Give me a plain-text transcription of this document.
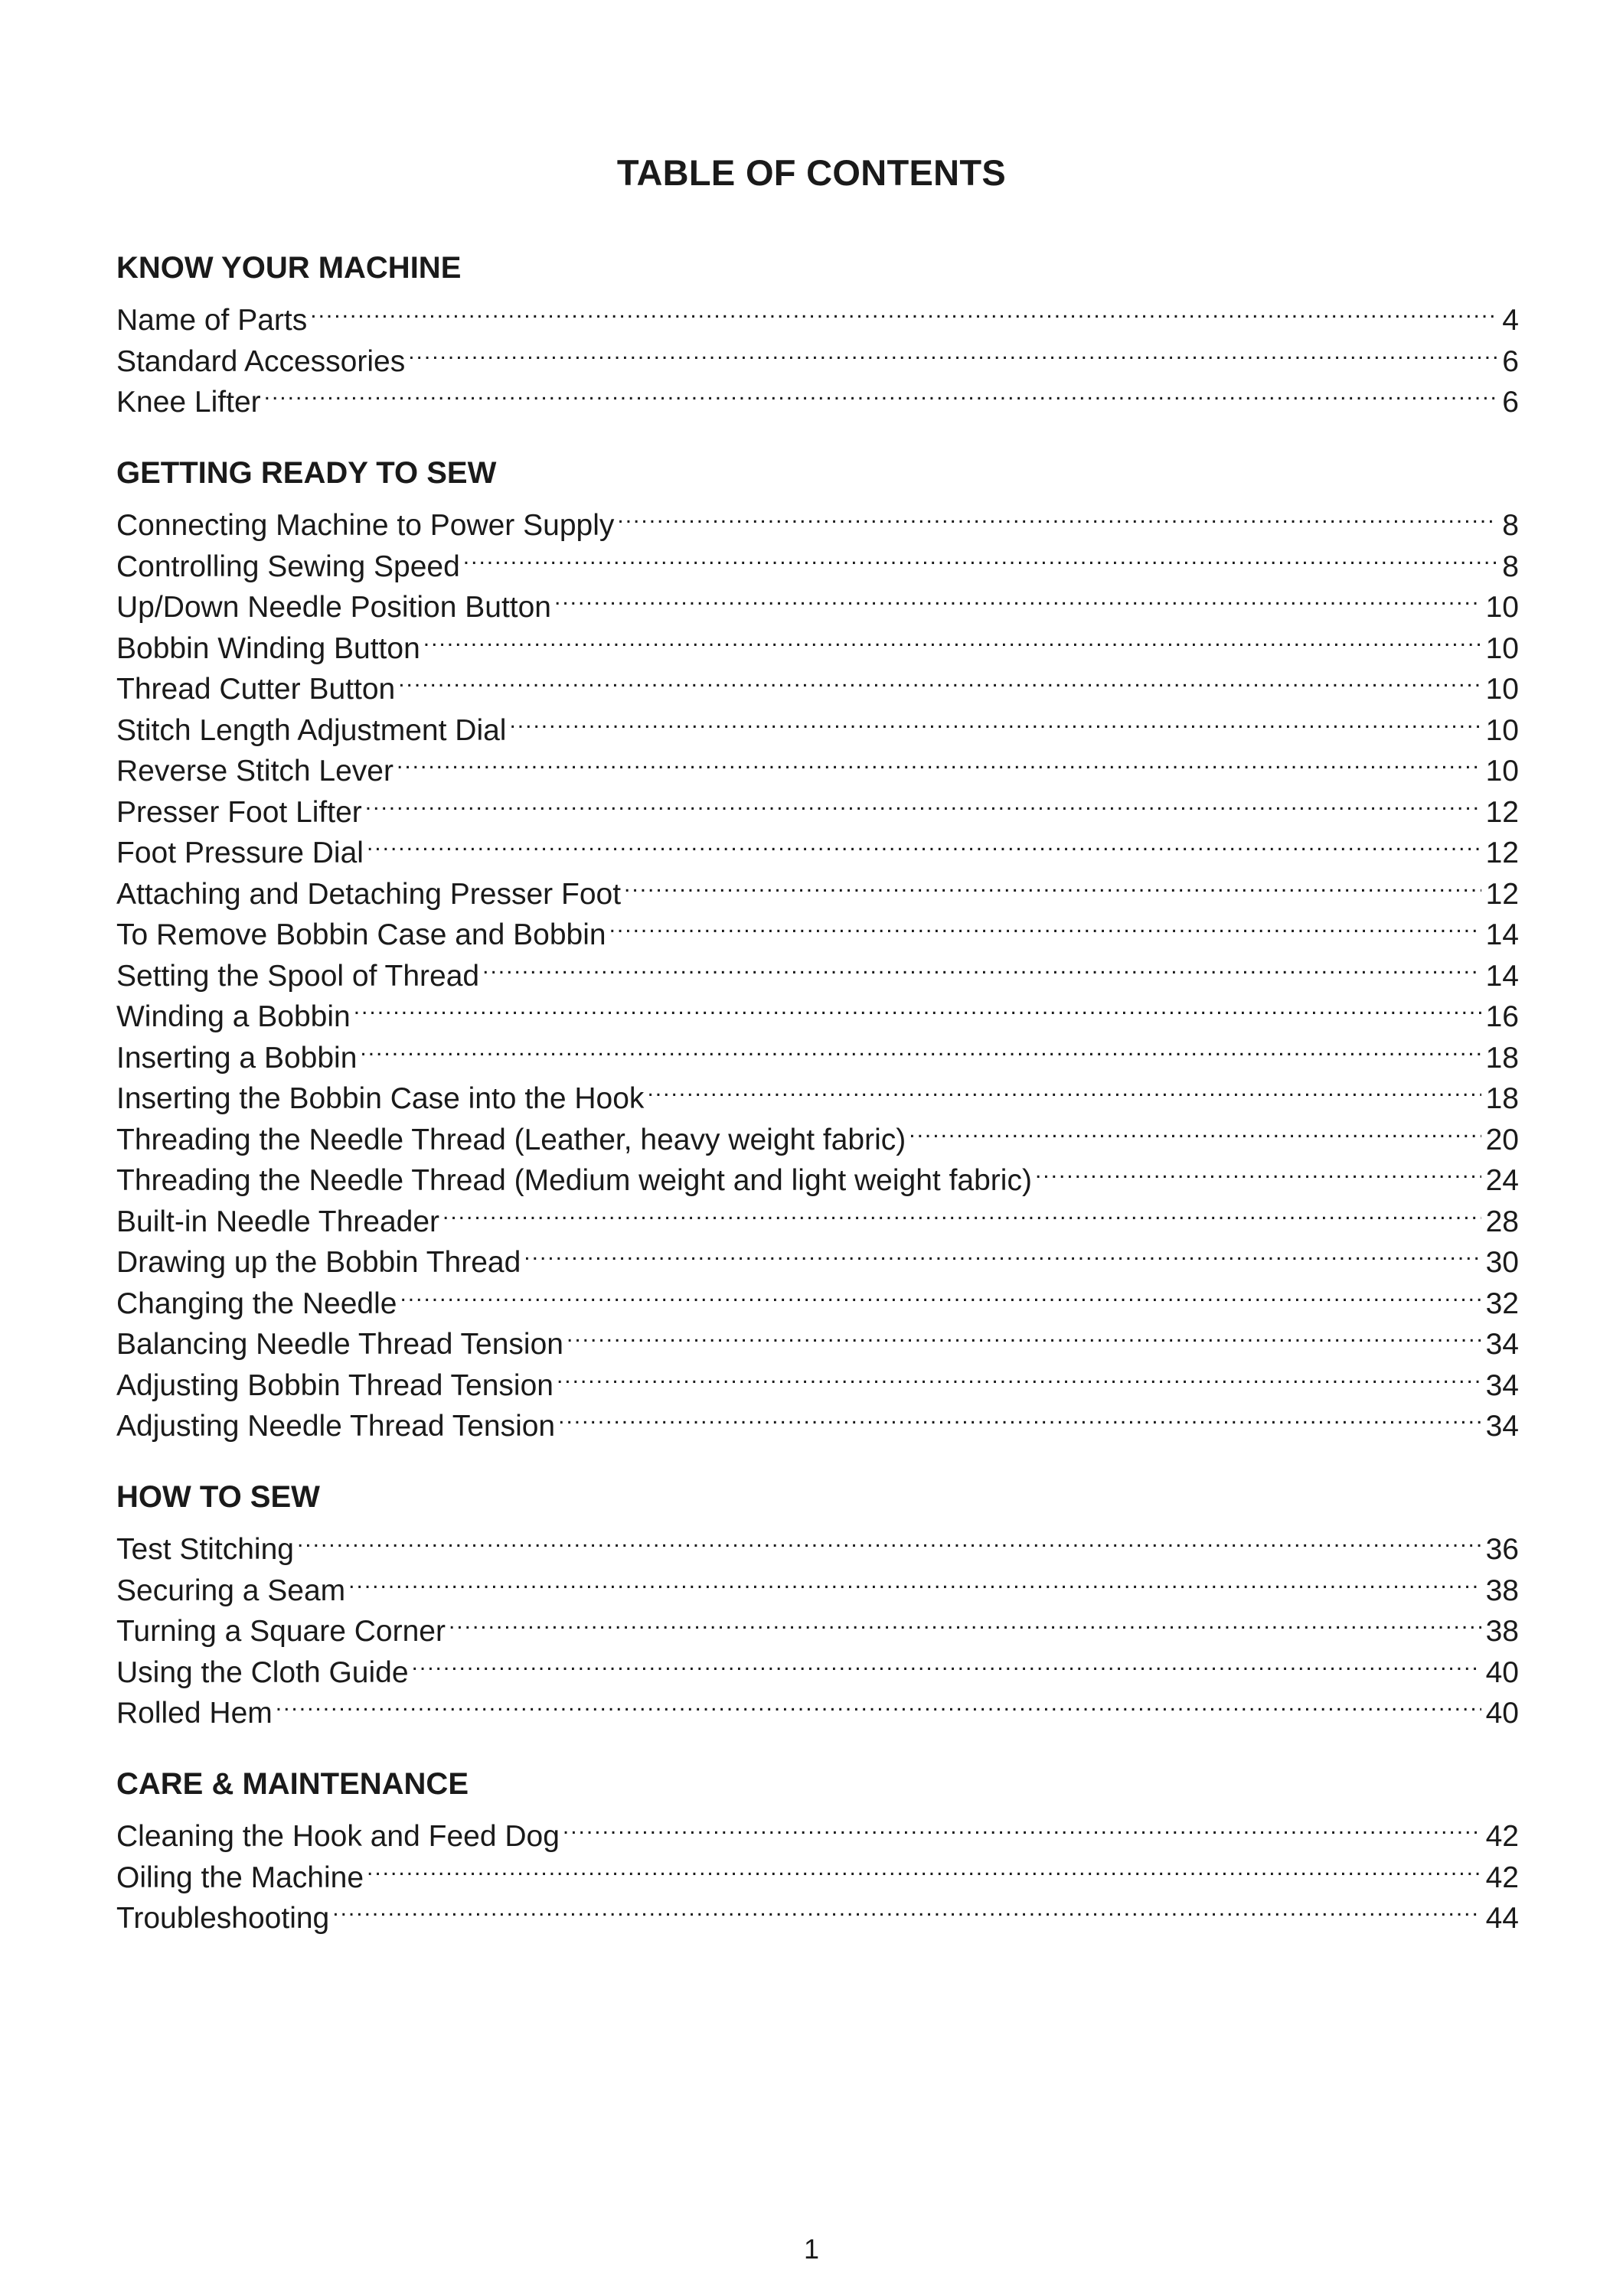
TABLE OF CONTENTS
KNOW YOUR MACHINE
Name of Parts .....	4
Standard Accessories .....	6
Knee Lifter .....	6
GETTING READY TO SEW
Connecting Machine to Power Supply .....	8
Controlling Sewing Speed .....	8
Up/Down Needle Position Button .....	10
Bobbin Winding Button .....	10
Thread Cutter Button .....	10
Stitch Length Adjustment Dial .....	10
Reverse Stitch Lever .....	10
Presser Foot Lifter .....	12
Foot Pressure Dial .....	12
Attaching and Detaching Presser Foot .....	12
To Remove Bobbin Case and Bobbin .....	14
Setting the Spool of Thread .....	14
Winding a Bobbin .....	16
Inserting a Bobbin .....	18
Inserting the Bobbin Case into the Hook .....	18
Threading the Needle Thread (Leather, heavy weight fabric) .....	20
Threading the Needle Thread (Medium weight and light weight fabric) .....	24
Built-in Needle Threader .....	28
Drawing up the Bobbin Thread .....	30
Changing the Needle .....	32
Balancing Needle Thread Tension .....	34
Adjusting Bobbin Thread Tension .....	34
Adjusting Needle Thread Tension .....	34
HOW TO SEW
Test Stitching .....	36
Securing a Seam .....	38
Turning a Square Corner .....	38
Using the Cloth Guide .....	40
Rolled Hem .....	40
CARE & MAINTENANCE
Cleaning the Hook and Feed Dog .....	42
Oiling the Machine .....	42
Troubleshooting .....	44
1
